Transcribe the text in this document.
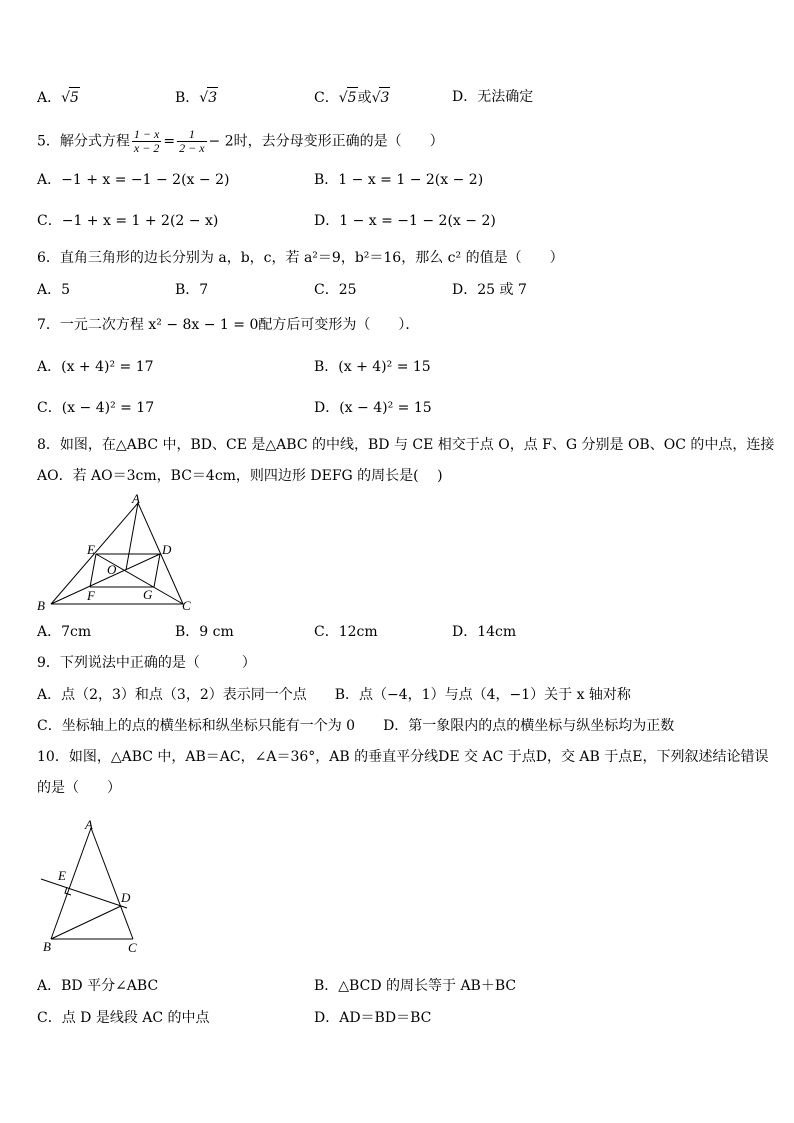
A．√5	B．√3	C．√5或√3	D．无法确定
5．解分式方程 $\frac{1 - x}{x - 2} = \frac{1}{2 - x} - 2$时，去分母变形正确的是（　　）
A．−1 + x = −1 − 2(x − 2)	B．1 − x = 1 − 2(x − 2)
C．−1 + x = 1 + 2(2 − x)	D．1 − x = −1 − 2(x − 2)
6．直角三角形的边长分别为 a，b，c，若 a²＝9，b²＝16，那么 c² 的值是（　　）
A．5	B．7	C．25	D．25 或 7
7．一元二次方程 x² − 8x − 1 = 0配方后可变形为（　　）．
A．(x + 4)² = 17	B．(x + 4)² = 15
C．(x − 4)² = 17	D．(x − 4)² = 15
8．如图，在△ABC 中，BD、CE 是△ABC 的中线，BD 与 CE 相交于点 O，点 F、G 分别是 OB、OC 的中点，连接
AO．若 AO＝3cm，BC＝4cm，则四边形 DEFG 的周长是(　 )
A
B	C
D
E
F	G
O
A．7cm	B．9 cm	C．12cm	D．14cm
9．下列说法中正确的是（　　　）
A．点（2，3）和点（3，2）表示同一个点　　B．点（−4，1）与点（4，−1）关于 x 轴对称
C．坐标轴上的点的横坐标和纵坐标只能有一个为 0　　D．第一象限内的点的横坐标与纵坐标均为正数
10．如图，△ABC 中，AB＝AC，∠A＝36°，AB 的垂直平分线DE 交 AC 于点D，交 AB 于点E，下列叙述结论错误
的是（　　）
A
B	C
D
E
A．BD 平分∠ABC	B．△BCD 的周长等于 AB＋BC
C．点 D 是线段 AC 的中点	D．AD＝BD＝BC
